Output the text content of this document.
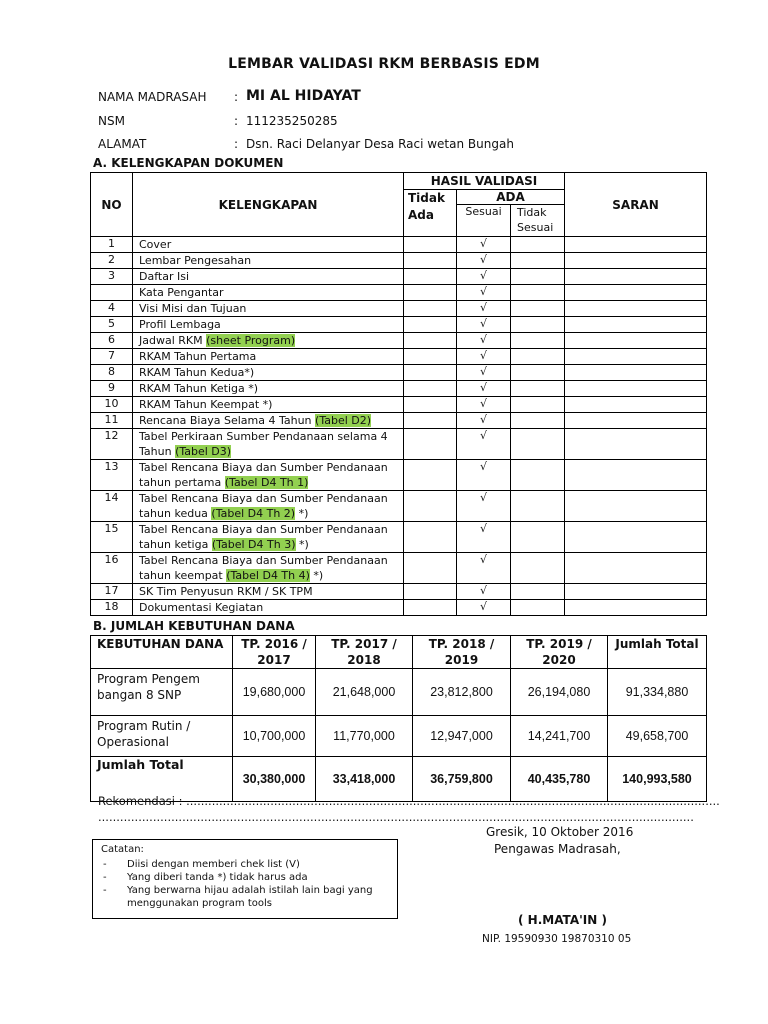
LEMBAR VALIDASI RKM BERBASIS EDM
NAMA MADRASAH : MI AL HIDAYAT
NSM	: 111235250285
ALAMAT	: Dsn. Raci Delanyar Desa Raci wetan Bungah
A. KELENGKAPAN DOKUMEN
NO	KELENGKAPAN	HASIL VALIDASI			SARAN
		Tidak Ada	ADA		
			Sesuai	Tidak Sesuai	
1	Cover		√		
2	Lembar Pengesahan		√		
3	Daftar Isi		√		
	Kata Pengantar		√		
4	Visi Misi dan Tujuan		√		
5	Profil Lembaga		√		
6	Jadwal RKM (sheet Program)		√		
7	RKAM Tahun Pertama		√		
8	RKAM Tahun Kedua*)		√		
9	RKAM Tahun Ketiga *)		√		
10	RKAM Tahun Keempat *)		√		
11	Rencana Biaya Selama 4 Tahun (Tabel D2)		√		
12	Tabel Perkiraan Sumber Pendanaan selama 4 Tahun (Tabel D3)		√		
13	Tabel Rencana Biaya dan Sumber Pendanaan tahun pertama (Tabel D4 Th 1)		√		
14	Tabel Rencana Biaya dan Sumber Pendanaan tahun kedua (Tabel D4 Th 2) *)		√		
15	Tabel Rencana Biaya dan Sumber Pendanaan tahun ketiga (Tabel D4 Th 3) *)		√		
16	Tabel Rencana Biaya dan Sumber Pendanaan tahun keempat (Tabel D4 Th 4) *)		√		
17	SK Tim Penyusun RKM / SK TPM		√		
18	Dokumentasi Kegiatan		√		
B. JUMLAH KEBUTUHAN DANA
KEBUTUHAN DANA	TP. 2016 / 2017	TP. 2017 / 2018	TP. 2018 / 2019	TP. 2019 / 2020	Jumlah Total
Program Pengem bangan 8 SNP	19,680,000	21,648,000	23,812,800	26,194,080	91,334,880
Program Rutin / Operasional	10,700,000	11,770,000	12,947,000	14,241,700	49,658,700
Jumlah Total	30,380,000	33,418,000	36,759,800	40,435,780	140,993,580
Rekomendasi : ..................................................................................................................................................
...................................................................................................................................................................
Gresik, 10 Oktober 2016
Pengawas Madrasah,
( H.MATA'IN )
NIP. 19590930 19870310 05
Catatan:
- Diisi dengan memberi chek list (V)
- Yang diberi tanda *) tidak harus ada
- Yang berwarna hijau adalah istilah lain bagi yang menggunakan program tools
